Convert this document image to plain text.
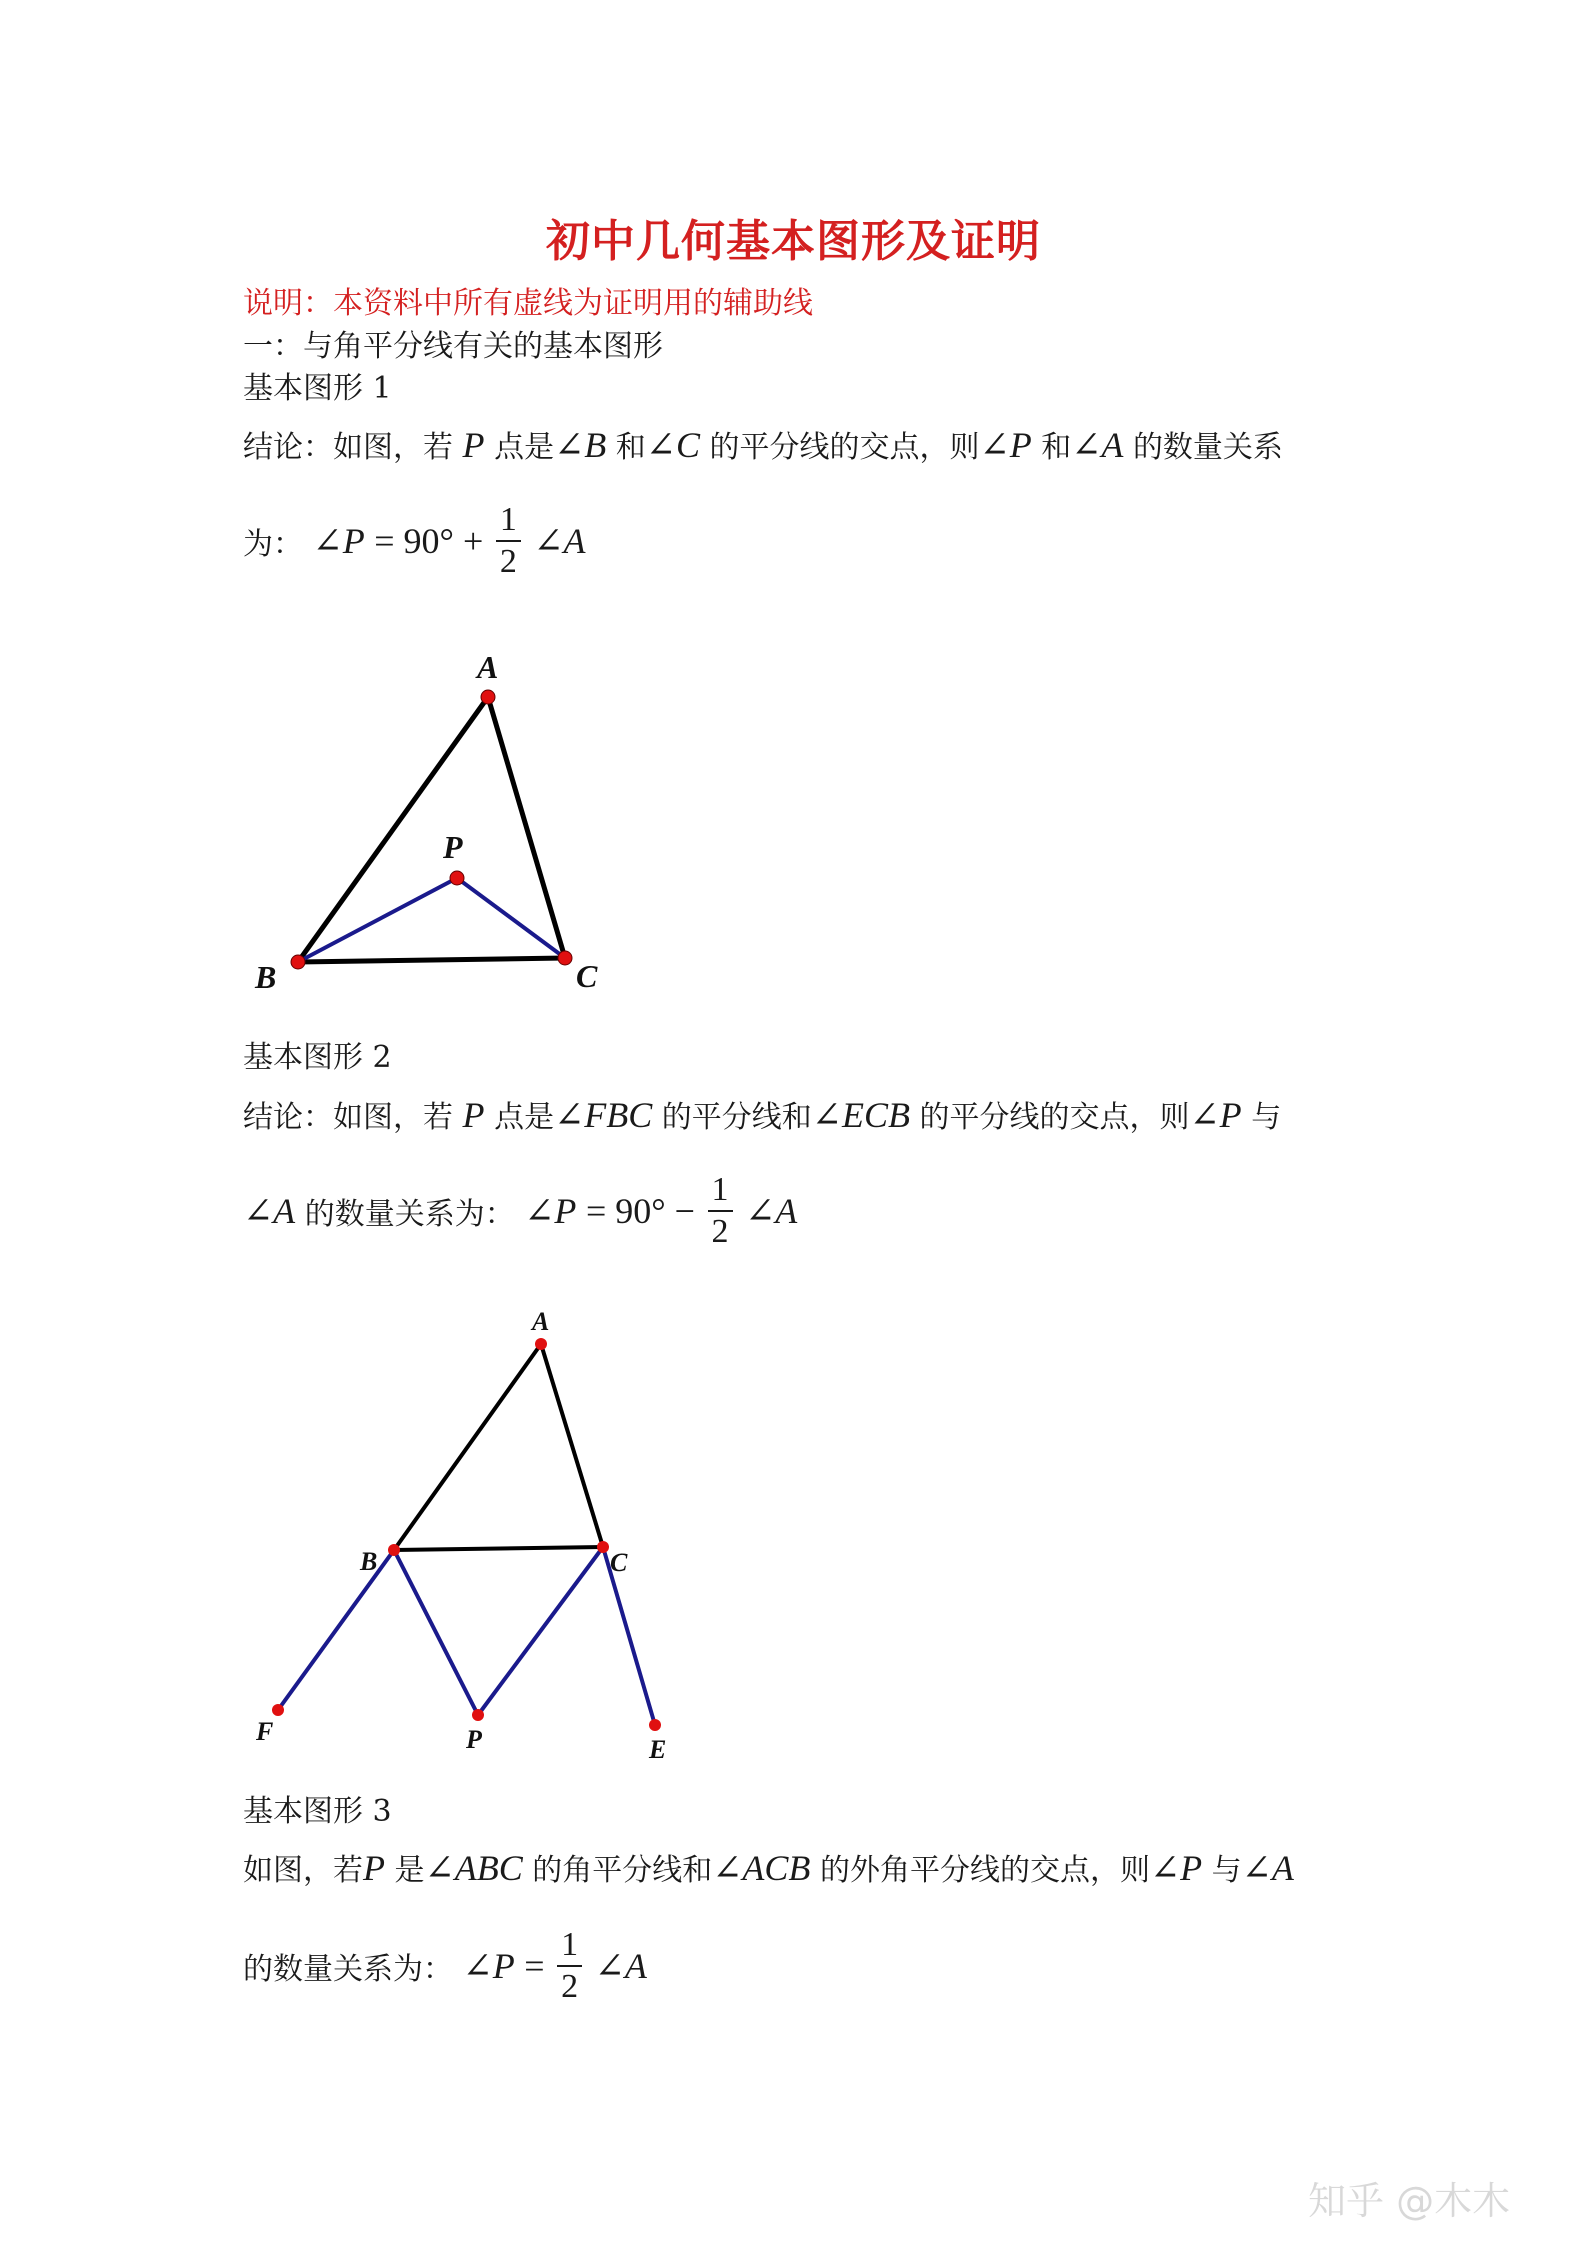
初中几何基本图形及证明
说明：本资料中所有虚线为证明用的辅助线
一：与角平分线有关的基本图形
基本图形 1
结论：如图，若 P 点是∠B 和∠C 的平分线的交点，则∠P 和∠A 的数量关系
为： ∠P = $90^\circ + \frac{1}{2}$ ∠A
A
P
B	C
基本图形 2
结论：如图，若 P 点是∠FBC 的平分线和∠ECB 的平分线的交点，则∠P 与
∠A 的数量关系为： ∠P = $90^\circ - \frac{1}{2}$ ∠A
A
B	C
F	P	E
基本图形 3
如图，若P 是∠ABC 的角平分线和∠ACB 的外角平分线的交点，则∠P 与∠A
的数量关系为： ∠P = $\frac{1}{2}$ ∠A
知乎 @木木
